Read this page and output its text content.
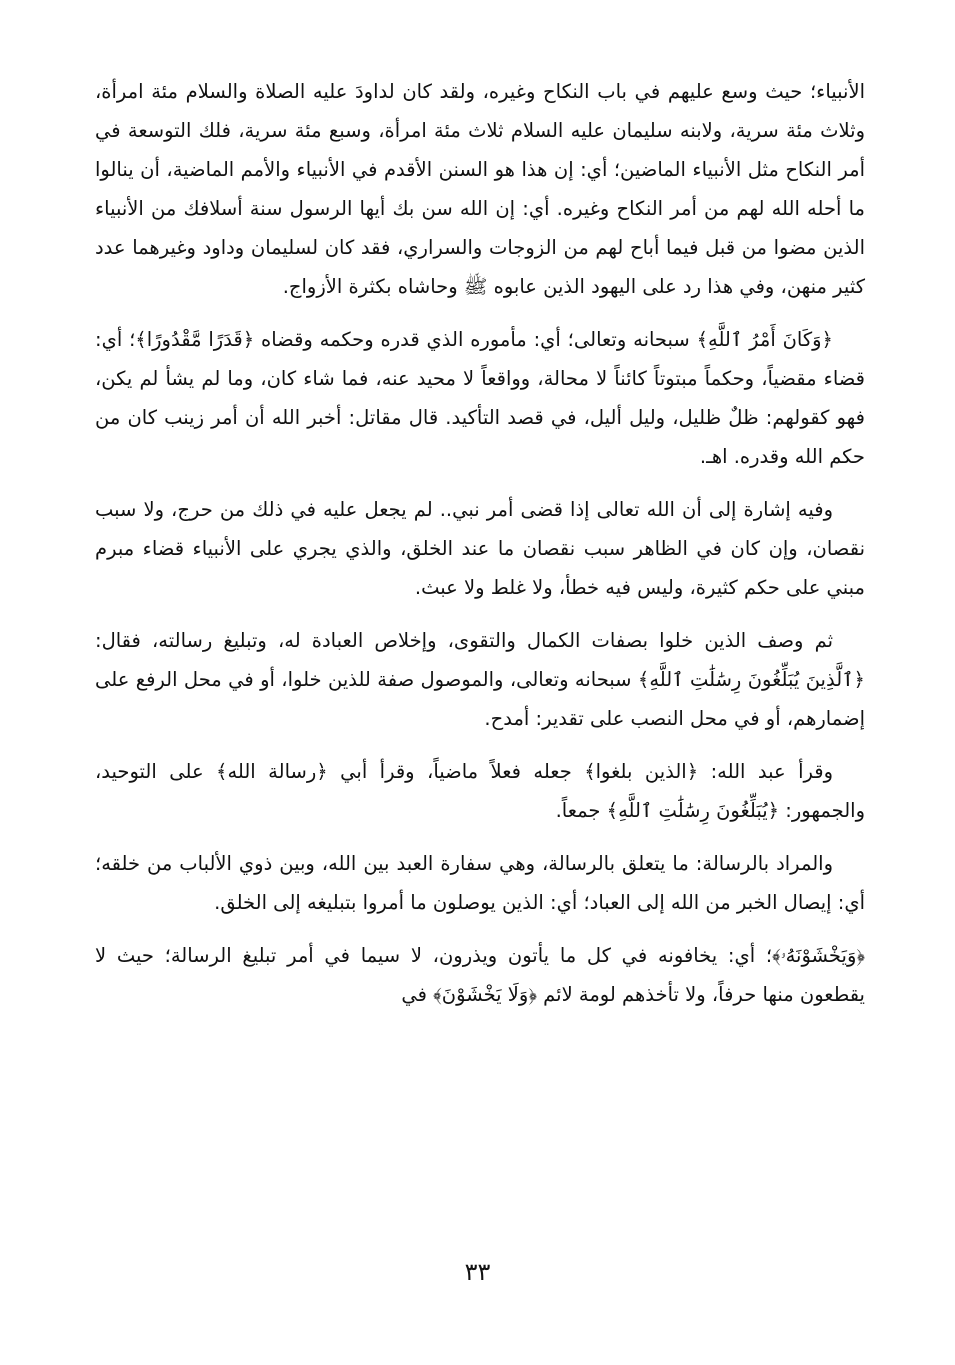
الأنبياء؛ حيث وسع عليهم في باب النكاح وغيره، ولقد كان لداودَ عليه الصلاة والسلام مئة امرأة، وثلاث مئة سرية، ولابنه سليمان عليه السلام ثلاث مئة امرأة، وسبع مئة سرية، فلك التوسعة في أمر النكاح مثل الأنبياء الماضين؛ أي: إن هذا هو السنن الأقدم في الأنبياء والأمم الماضية، أن ينالوا ما أحله الله لهم من أمر النكاح وغيره. أي: إن الله سن بك أيها الرسول سنة أسلافك من الأنبياء الذين مضوا من قبل فيما أباح لهم من الزوجات والسراري، فقد كان لسليمان وداود وغيرهما عدد كثير منهن، وفي هذا رد على اليهود الذين عابوه ﷺ وحاشاه بكثرة الأزواج.

﴿وَكَانَ أَمْرُ ٱللَّهِ﴾ سبحانه وتعالى؛ أي: مأموره الذي قدره وحكمه وقضاه ﴿قَدَرًا مَّقْدُورًا﴾؛ أي: قضاء مقضياً، وحكماً مبتوتاً كائناً لا محالة، وواقعاً لا محيد عنه، فما شاء كان، وما لم يشأ لم يكن، فهو كقولهم: ظلٌ ظليل، وليل أليل، في قصد التأكيد. قال مقاتل: أخبر الله أن أمر زينب كان من حكم الله وقدره. اهـ.

وفيه إشارة إلى أن الله تعالى إذا قضى أمر نبي.. لم يجعل عليه في ذلك من حرج، ولا سبب نقصان، وإن كان في الظاهر سبب نقصان ما عند الخلق، والذي يجري على الأنبياء قضاء مبرم مبني على حكم كثيرة، وليس فيه خطأ، ولا غلط ولا عبث.

ثم وصف الذين خلوا بصفات الكمال والتقوى، وإخلاص العبادة له، وتبليغ رسالته، فقال: ﴿ٱلَّذِينَ يُبَلِّغُونَ رِسَٰلَٰتِ ٱللَّهِ﴾ سبحانه وتعالى، والموصول صفة للذين خلوا، أو في محل الرفع على إضمارهم، أو في محل النصب على تقدير: أمدح.

وقرأ عبد الله: ﴿الذين بلغوا﴾ جعله فعلاً ماضياً، وقرأ أبي ﴿رسالة الله﴾ على التوحيد، والجمهور: ﴿يُبَلِّغُونَ رِسَٰلَٰتِ ٱللَّهِ﴾ جمعاً.

والمراد بالرسالة: ما يتعلق بالرسالة، وهي سفارة العبد بين الله، وبين ذوي الألباب من خلقه؛ أي: إيصال الخبر من الله إلى العباد؛ أي: الذين يوصلون ما أمروا بتبليغه إلى الخلق.

﴿وَيَخْشَوْنَهُۥ﴾؛ أي: يخافونه في كل ما يأتون ويذرون، لا سيما في أمر تبليغ الرسالة؛ حيث لا يقطعون منها حرفاً، ولا تأخذهم لومة لائم ﴿وَلَا يَخْشَوْنَ﴾ في

٣٣
